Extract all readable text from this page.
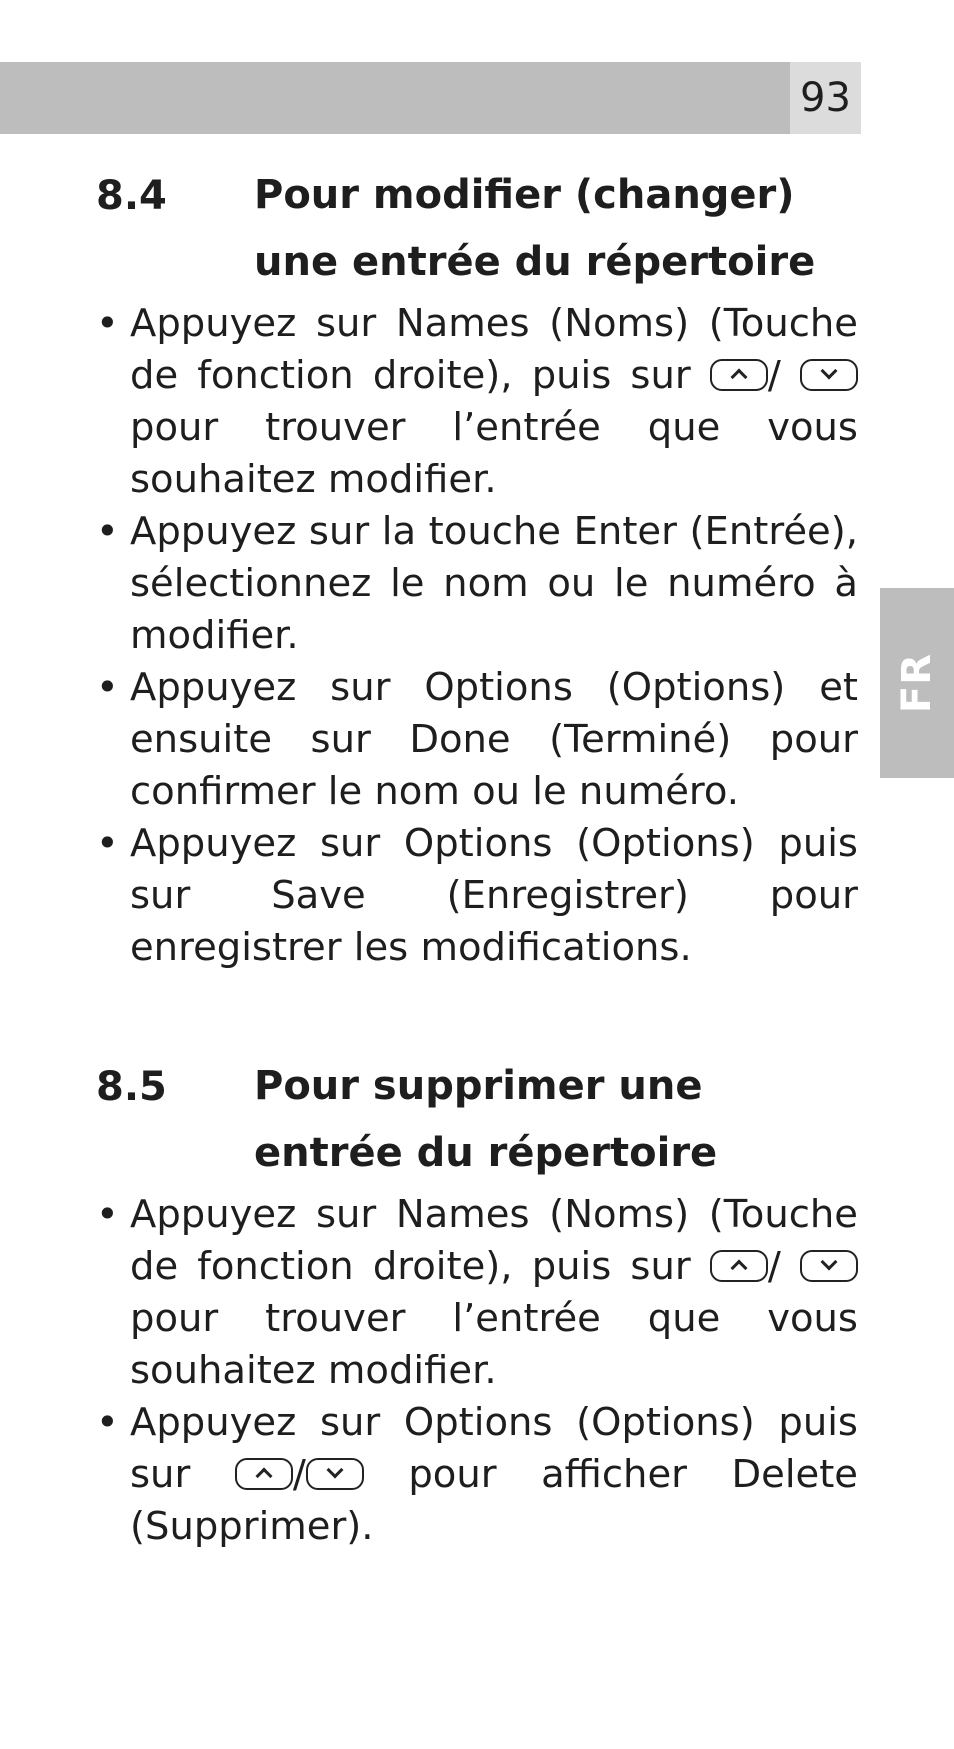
93
FR
8.4 Pour modifier (changer)
une entrée du répertoire
• Appuyez sur Names (Noms) (Touche de fonction droite), puis sur /  pour trouver l’entrée que vous souhaitez modifier.
• Appuyez sur la touche Enter (Entrée), sélectionnez le nom ou le numéro à modifier.
• Appuyez sur Options (Options) et ensuite sur Done (Terminé) pour confirmer le nom ou le numéro.
• Appuyez sur Options (Options) puis sur Save (Enregistrer) pour enregistrer les modifications.
8.5 Pour supprimer une
entrée du répertoire
• Appuyez sur Names (Noms) (Touche de fonction droite), puis sur /  pour trouver l’entrée que vous souhaitez modifier.
• Appuyez sur Options (Options) puis sur / pour afficher Delete (Supprimer).
